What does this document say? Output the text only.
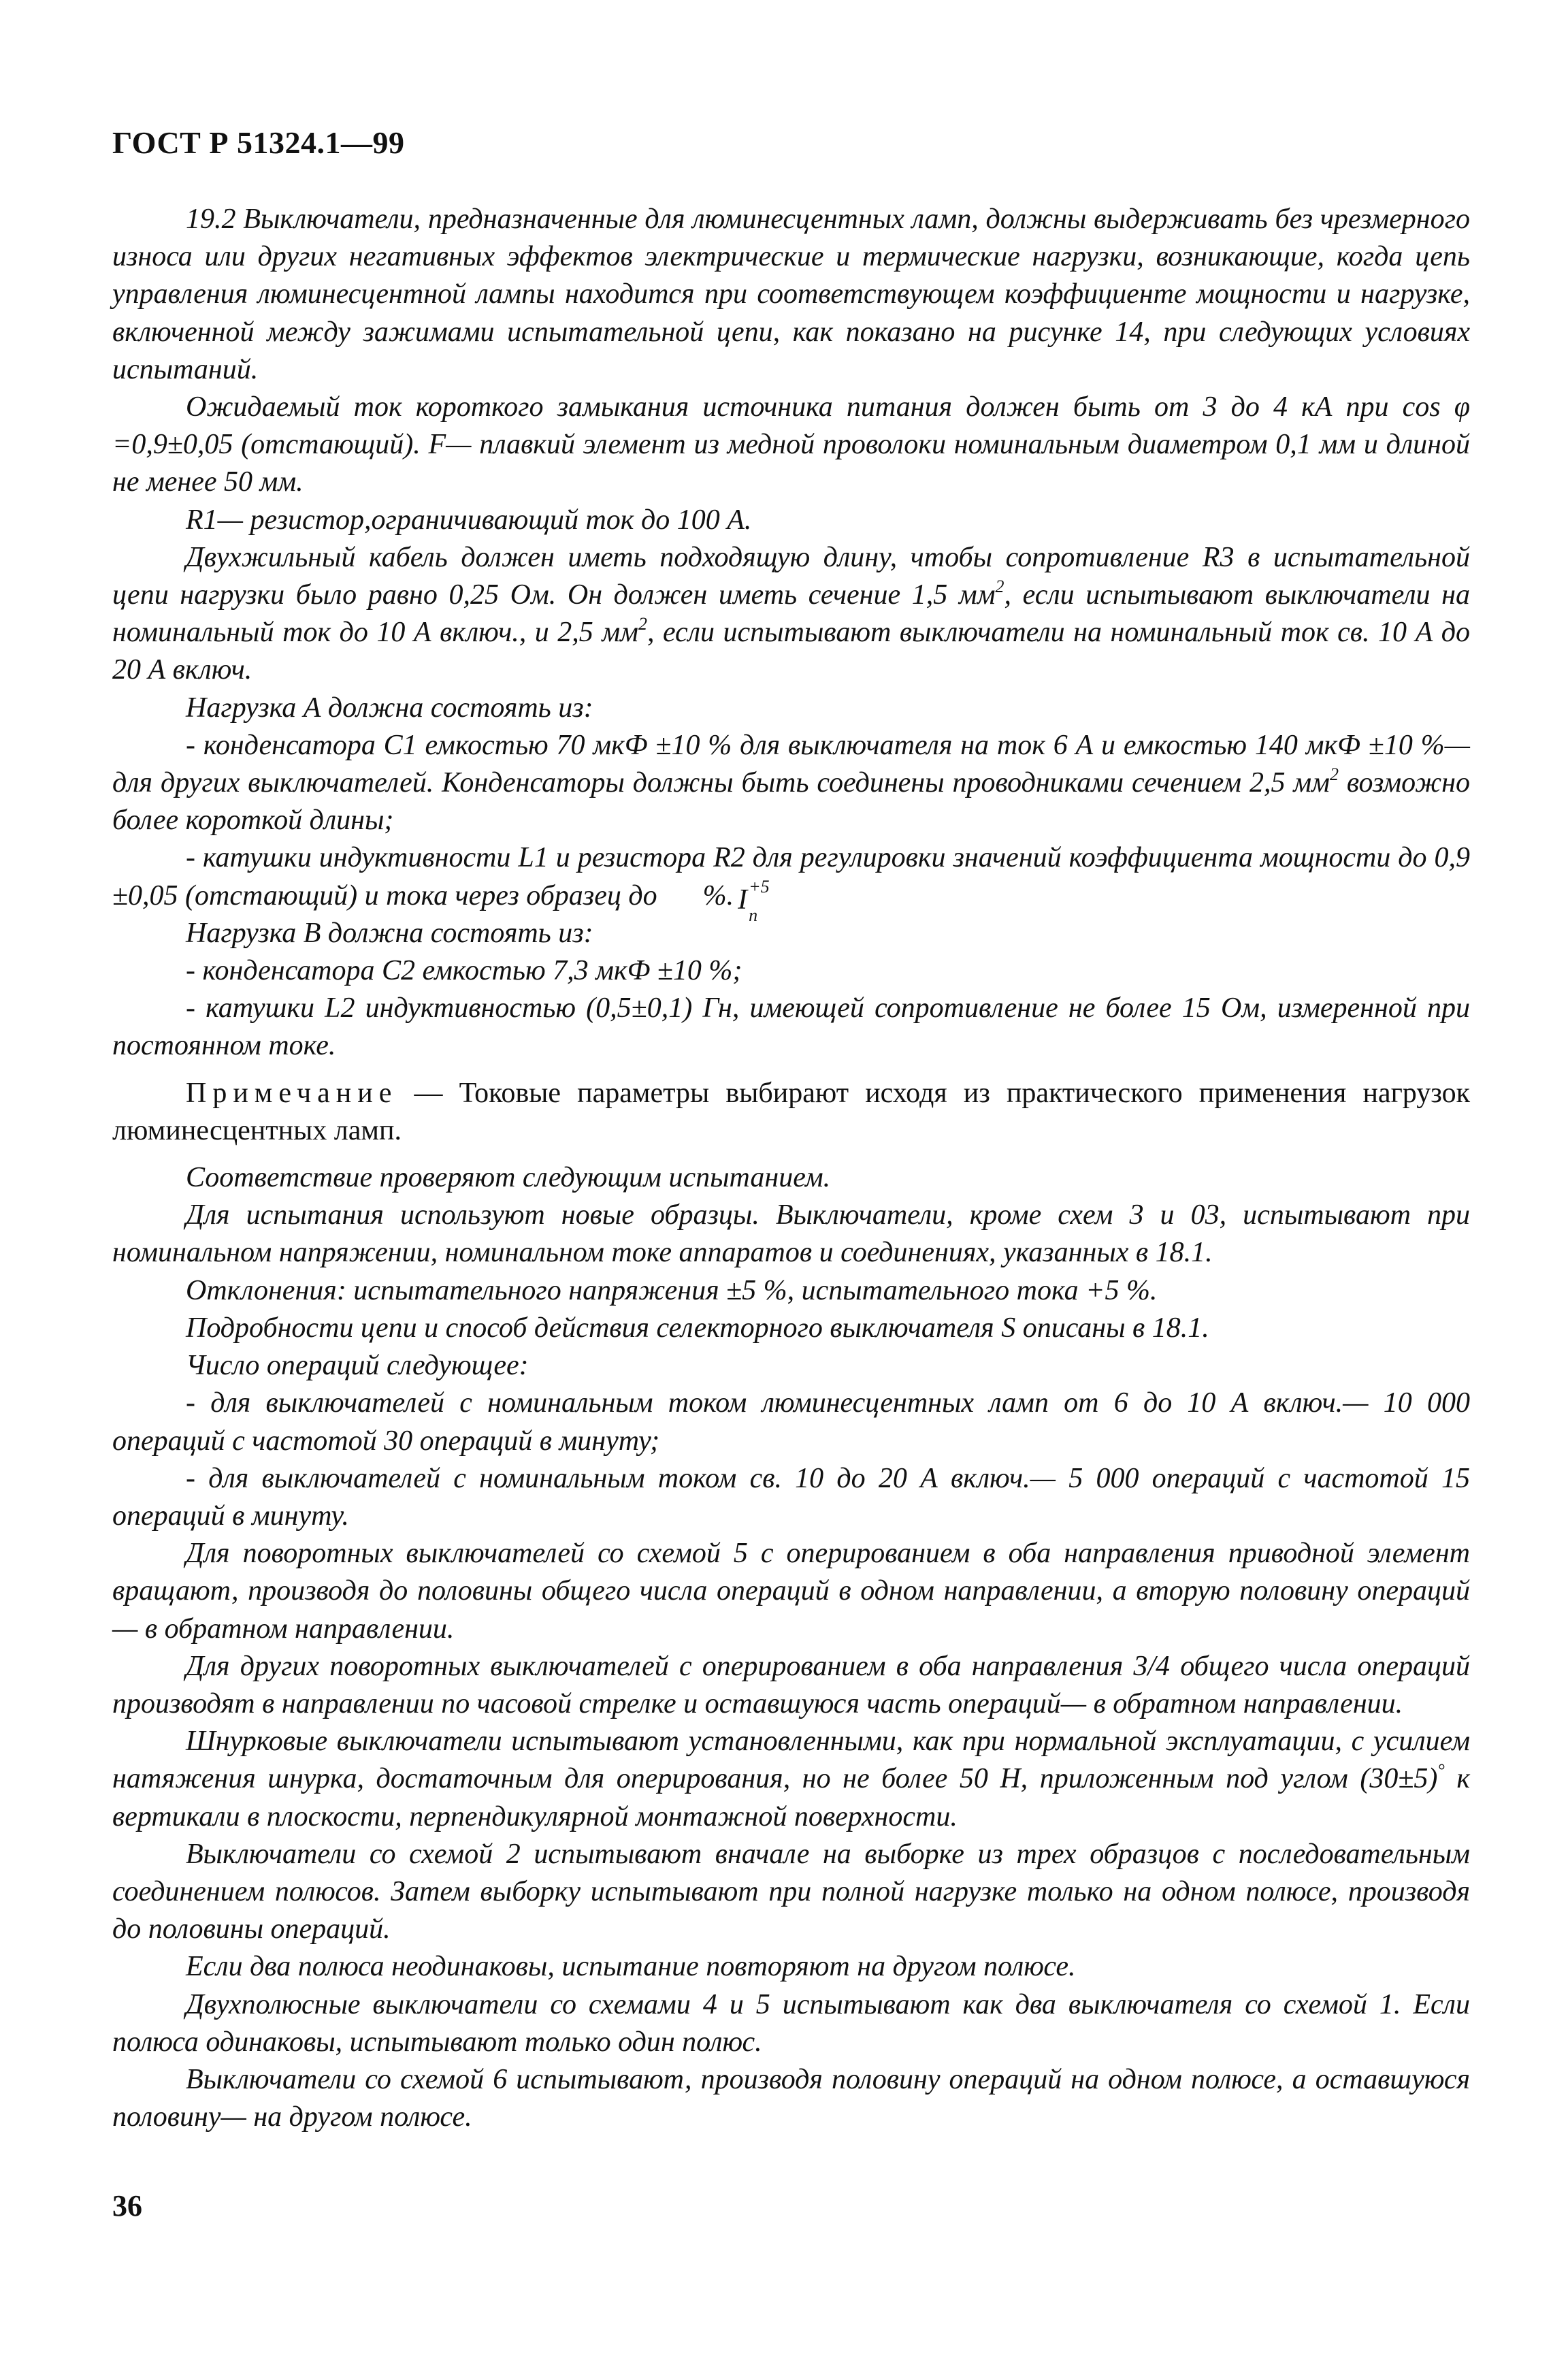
ГОСТ Р 51324.1—99

19.2 Выключатели, предназначенные для люминесцентных ламп, должны выдерживать без чрезмерного износа или других негативных эффектов электрические и термические нагрузки, возникающие, когда цепь управления люминесцентной лампы находится при соответствующем коэффициенте мощности и нагрузке, включенной между зажимами испытательной цепи, как показано на рисунке 14, при следующих условиях испытаний.

Ожидаемый ток короткого замыкания источника питания должен быть от 3 до 4 кА при cos φ =0,9±0,05 (отстающий). F— плавкий элемент из медной проволоки номинальным диаметром 0,1 мм и длиной не менее 50 мм.

R1— резистор,ограничивающий ток до 100 А.

Двухжильный кабель должен иметь подходящую длину, чтобы сопротивление R3 в испытательной цепи нагрузки было равно 0,25 Ом. Он должен иметь сечение 1,5 $мм^2$, если испытывают выключатели на номинальный ток до 10 А включ., и 2,5 $мм^2$, если испытывают выключатели на номинальный ток св. 10 А до 20 А включ.

Нагрузка А должна состоять из:

- конденсатора С1 емкостью 70 мкФ ±10 % для выключателя на ток 6 А и емкостью 140 мкФ ±10 %— для других выключателей. Конденсаторы должны быть соединены проводниками сечением 2,5 $мм^2$ возможно более короткой длины;

- катушки индуктивности L1 и резистора R2 для регулировки значений коэффициента мощности до 0,9 ±0,05 (отстающий) и тока через образец до	I +5
n
%.

Нагрузка В должна состоять из:

- конденсатора С2 емкостью 7,3 мкФ ±10 %;

- катушки L2 индуктивностью (0,5±0,1) Гн, имеющей сопротивление не более 15 Ом, измеренной при постоянном токе.

Примечание — Токовые параметры выбирают исходя из практического применения нагрузок люминесцентных ламп.

Соответствие проверяют следующим испытанием.

Для испытания используют новые образцы. Выключатели, кроме схем 3 и 03, испытывают при номинальном напряжении, номинальном токе аппаратов и соединениях, указанных в 18.1.

Отклонения: испытательного напряжения ±5 %, испытательного тока +5 %.

Подробности цепи и способ действия селекторного выключателя S описаны в 18.1.

Число операций следующее:

- для выключателей с номинальным током люминесцентных ламп от 6 до 10 А включ.— 10 000 операций с частотой 30 операций в минуту;

- для выключателей с номинальным током св. 10 до 20 А включ.— 5 000 операций с частотой 15 операций в минуту.

Для поворотных выключателей со схемой 5 с оперированием в оба направления приводной элемент вращают, производя до половины общего числа операций в одном направлении, а вторую половину операций — в обратном направлении.

Для других поворотных выключателей с оперированием в оба направления 3/4 общего числа операций производят в направлении по часовой стрелке и оставшуюся часть операций— в обратном направлении.

Шнурковые выключатели испытывают установленными, как при нормальной эксплуатации, с усилием натяжения шнурка, достаточным для оперирования, но не более 50 Н, приложенным под углом (30±5)° к вертикали в плоскости, перпендикулярной монтажной поверхности.

Выключатели со схемой 2 испытывают вначале на выборке из трех образцов с последовательным соединением полюсов. Затем выборку испытывают при полной нагрузке только на одном полюсе, производя до половины операций.

Если два полюса неодинаковы, испытание повторяют на другом полюсе.

Двухполюсные выключатели со схемами 4 и 5 испытывают как два выключателя со схемой 1. Если полюса одинаковы, испытывают только один полюс.

Выключатели со схемой 6 испытывают, производя половину операций на одном полюсе, а оставшуюся половину— на другом полюсе.

36
